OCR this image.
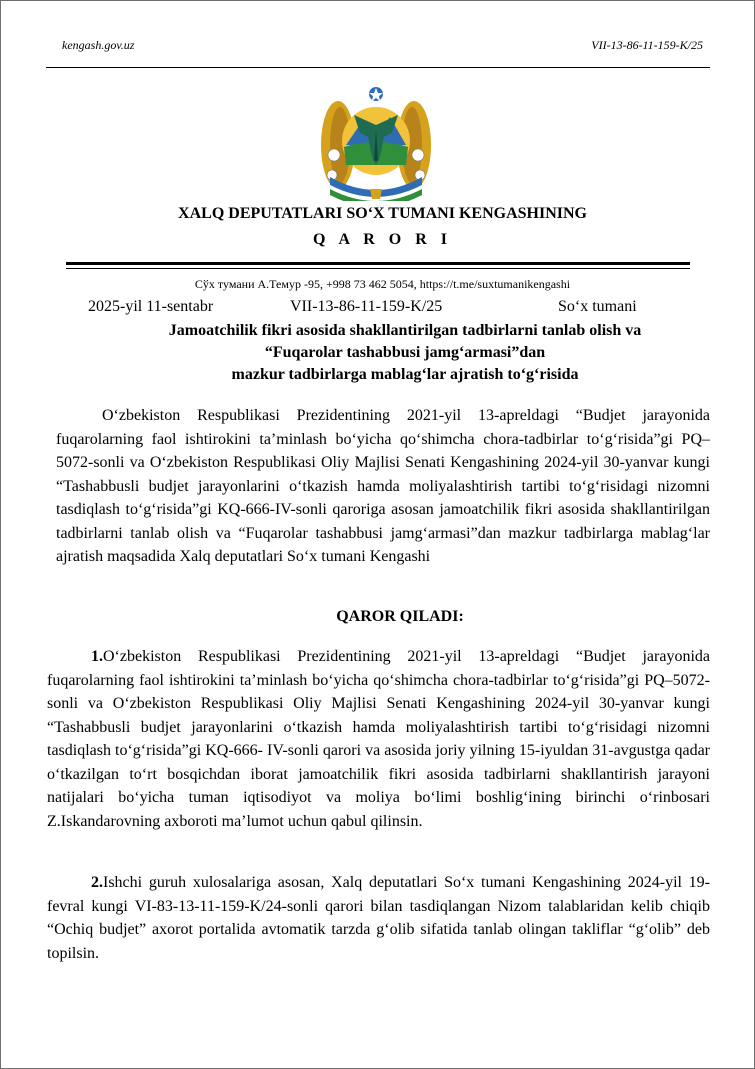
kengash.gov.uz	VII-13-86-11-159-K/25
XALQ DEPUTATLARI SO‘X TUMANI KENGASHINING
Q A R O R I
Сўх тумани А.Темур -95, +998 73 462 5054, https://t.me/suxtumanikengashi
2025-yil 11-sentabr	VII-13-86-11-159-K/25	So‘x tumani
Jamoatchilik fikri asosida shakllantirilgan tadbirlarni tanlab olish va
“Fuqarolar tashabbusi jamg‘armasi”dan
mazkur tadbirlarga mablag‘lar ajratish to‘g‘risida
O‘zbekiston Respublikasi Prezidentining 2021-yil 13-apreldagi “Budjet jarayonida fuqarolarning faol ishtirokini ta’minlash bo‘yicha qo‘shimcha chora-tadbirlar to‘g‘risida”gi PQ–5072-sonli va O‘zbekiston Respublikasi Oliy Majlisi Senati Kengashining 2024-yil 30-yanvar kungi “Tashabbusli budjet jarayonlarini o‘tkazish hamda moliyalashtirish tartibi to‘g‘risidagi nizomni tasdiqlash to‘g‘risida”gi KQ-666-IV-sonli qaroriga asosan jamoatchilik fikri asosida shakllantirilgan tadbirlarni tanlab olish va “Fuqarolar tashabbusi jamg‘armasi”dan mazkur tadbirlarga mablag‘lar ajratish maqsadida Xalq deputatlari So‘x tumani Kengashi
QAROR QILADI:
1.O‘zbekiston Respublikasi Prezidentining 2021-yil 13-apreldagi “Budjet jarayonida fuqarolarning faol ishtirokini ta’minlash bo‘yicha qo‘shimcha chora-tadbirlar to‘g‘risida”gi PQ–5072-sonli va O‘zbekiston Respublikasi Oliy Majlisi Senati Kengashining 2024-yil 30-yanvar kungi “Tashabbusli budjet jarayonlarini o‘tkazish hamda moliyalashtirish tartibi to‘g‘risidagi nizomni tasdiqlash to‘g‘risida”gi KQ-666- IV-sonli qarori va asosida joriy yilning 15-iyuldan 31-avgustga qadar o‘tkazilgan to‘rt bosqichdan iborat jamoatchilik fikri asosida tadbirlarni shakllantirish jarayoni natijalari bo‘yicha tuman iqtisodiyot va moliya bo‘limi boshlig‘ining birinchi o‘rinbosari Z.Iskandarovning axboroti ma’lumot uchun qabul qilinsin.
2.Ishchi guruh xulosalariga asosan, Xalq deputatlari So‘x tumani Kengashining 2024-yil 19-fevral kungi VI-83-13-11-159-K/24-sonli qarori bilan tasdiqlangan Nizom talablaridan kelib chiqib “Ochiq budjet” axorot portalida avtomatik tarzda g‘olib sifatida tanlab olingan takliflar “g‘olib” deb topilsin.
